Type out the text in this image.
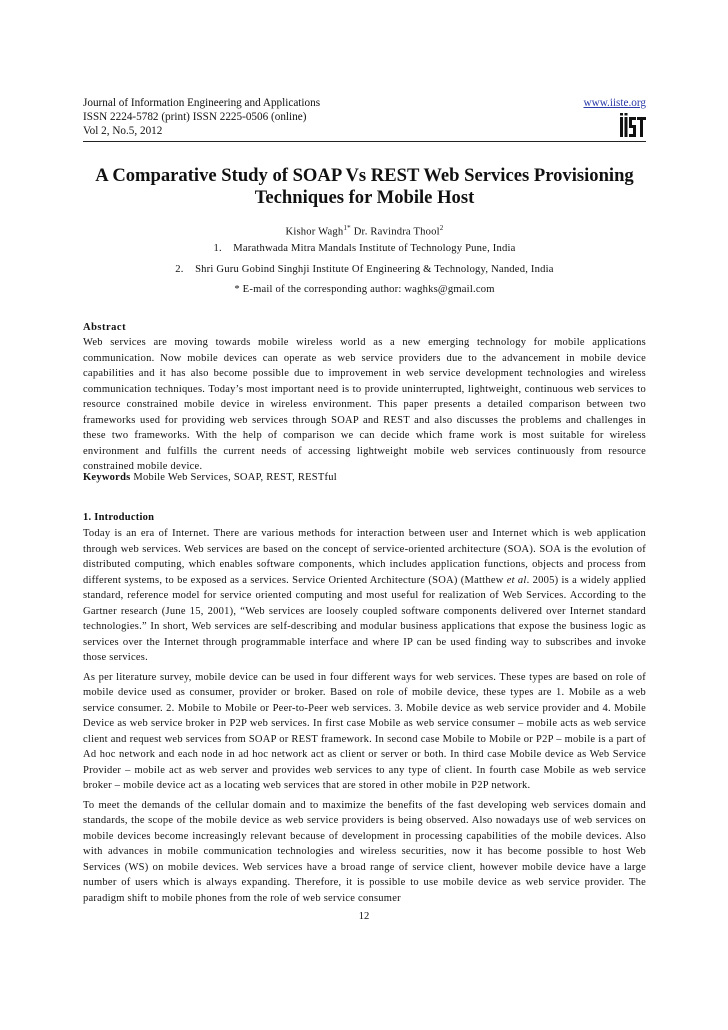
Journal of Information Engineering and Applications
ISSN 2224-5782 (print) ISSN 2225-0506 (online)
Vol 2, No.5, 2012
www.iiste.org
A Comparative Study of SOAP Vs REST Web Services Provisioning
Techniques for Mobile Host
Kishor Wagh$^{1*}$ Dr. Ravindra Thool$^2$
1. Marathwada Mitra Mandals Institute of Technology Pune, India
2. Shri Guru Gobind Singhji Institute Of Engineering & Technology, Nanded, India
* E-mail of the corresponding author: waghks@gmail.com
Abstract
Web services are moving towards mobile wireless world as a new emerging technology for mobile applications communication. Now mobile devices can operate as web service providers due to the advancement in mobile device capabilities and it has also become possible due to improvement in web service development technologies and wireless communication techniques. Today’s most important need is to provide uninterrupted, lightweight, continuous web services to resource constrained mobile device in wireless environment. This paper presents a detailed comparison between two frameworks used for providing web services through SOAP and REST and also discusses the problems and challenges in these two frameworks. With the help of comparison we can decide which frame work is most suitable for wireless environment and fulfills the current needs of accessing lightweight mobile web services continuously from resource constrained mobile device.
Keywords Mobile Web Services, SOAP, REST, RESTful
1. Introduction

Today is an era of Internet. There are various methods for interaction between user and Internet which is web application through web services. Web services are based on the concept of service-oriented architecture (SOA). SOA is the evolution of distributed computing, which enables software components, which includes application functions, objects and process from different systems, to be exposed as a services. Service Oriented Architecture (SOA) (Matthew et al. 2005) is a widely applied standard, reference model for service oriented computing and most useful for realization of Web Services. According to the Gartner research (June 15, 2001), “Web services are loosely coupled software components delivered over Internet standard technologies.” In short, Web services are self-describing and modular business applications that expose the business logic as services over the Internet through programmable interface and where IP can be used finding way to subscribes and invoke those services.

As per literature survey, mobile device can be used in four different ways for web services. These types are based on role of mobile device used as consumer, provider or broker. Based on role of mobile device, these types are 1. Mobile as a web service consumer. 2. Mobile to Mobile or Peer-to-Peer web services. 3. Mobile device as web service provider and 4. Mobile Device as web service broker in P2P web services. In first case Mobile as web service consumer – mobile acts as web service client and request web services from SOAP or REST framework. In second case Mobile to Mobile or P2P – mobile is a part of Ad hoc network and each node in ad hoc network act as client or server or both. In third case Mobile device as Web Service Provider – mobile act as web server and provides web services to any type of client. In fourth case Mobile as web service broker – mobile device act as a locating web services that are stored in other mobile in P2P network.

To meet the demands of the cellular domain and to maximize the benefits of the fast developing web services domain and standards, the scope of the mobile device as web service providers is being observed. Also nowadays use of web services on mobile devices become increasingly relevant because of development in processing capabilities of the mobile devices. Also with advances in mobile communication technologies and wireless securities, now it has become possible to host Web Services (WS) on mobile devices. Web services have a broad range of service client, however mobile device have a large number of users which is always expanding. Therefore, it is possible to use mobile device as web service provider. The paradigm shift to mobile phones from the role of web service consumer

12
